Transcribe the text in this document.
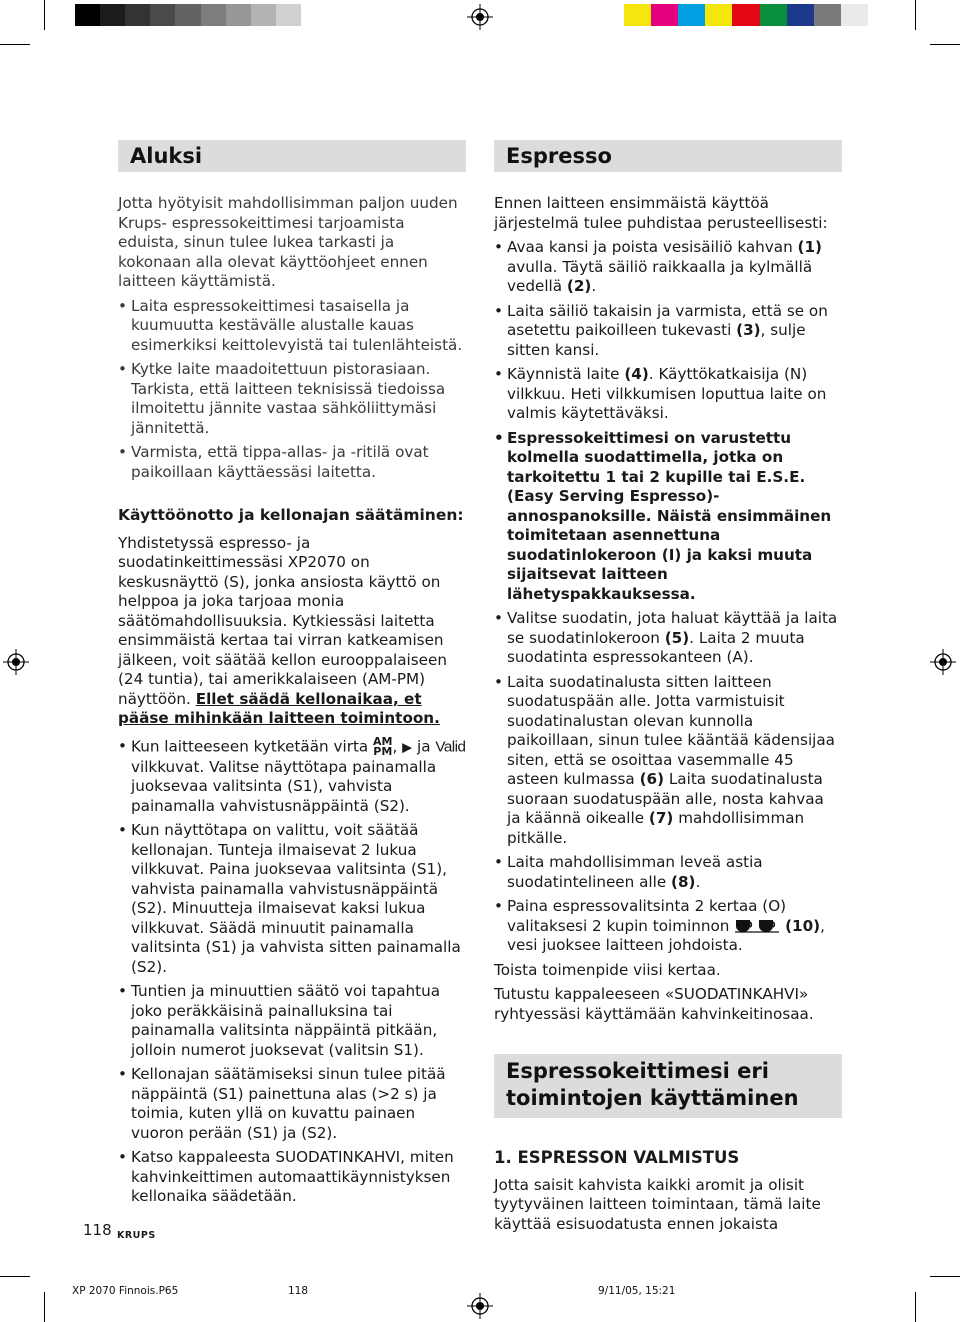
Aluksi

Jotta hyötyisit mahdollisimman paljon uuden Krups- espressokeittimesi tarjoamista eduista, sinun tulee lukea tarkasti ja kokonaan alla olevat käyttöohjeet ennen laitteen käyttämistä.

• Laita espressokeittimesi tasaisella ja kuumuutta kestävälle alustalle kauas esimerkiksi keittolevyistä tai tulenlähteistä.
• Kytke laite maadoitettuun pistorasiaan. Tarkista, että laitteen teknisissä tiedoissa ilmoitettu jännite vastaa sähköliittymäsi jännitettä.
• Varmista, että tippa-allas- ja -ritilä ovat paikoillaan käyttäessäsi laitetta.
Käyttöönotto ja kellonajan säätäminen:

Yhdistetyssä espresso- ja suodatinkeittimessäsi XP2070 on keskusnäyttö (S), jonka ansiosta käyttö on helppoa ja joka tarjoaa monia säätömahdollisuuksia. Kytkiessäsi laitetta ensimmäistä kertaa tai virran katkeamisen jälkeen, voit säätää kellon eurooppalaiseen (24 tuntia), tai amerikkalaiseen (AM-PM) näyttöön. Ellet säädä kellonaikaa, et pääse mihinkään laitteen toimintoon.

• Kun laitteeseen kytketään virta AM
PM, ▶ ja Valid vilkkuvat. Valitse näyttötapa painamalla juoksevaa valitsinta (S1), vahvista painamalla vahvistusnäppäintä (S2).
• Kun näyttötapa on valittu, voit säätää kellonajan. Tunteja ilmaisevat 2 lukua vilkkuvat. Paina juoksevaa valitsinta (S1), vahvista painamalla vahvistusnäppäintä (S2). Minuutteja ilmaisevat kaksi lukua vilkkuvat. Säädä minuutit painamalla valitsinta (S1) ja vahvista sitten painamalla (S2).
• Tuntien ja minuuttien säätö voi tapahtua joko peräkkäisinä painalluksina tai painamalla valitsinta näppäintä pitkään, jolloin numerot juoksevat (valitsin S1).
• Kellonajan säätämiseksi sinun tulee pitää näppäintä (S1) painettuna alas (>2 s) ja toimia, kuten yllä on kuvattu painaen vuoron perään (S1) ja (S2).
• Katso kappaleesta SUODATINKAHVI, miten kahvinkeittimen automaattikäynnistyksen kellonaika säädetään.
Espresso

Ennen laitteen ensimmäistä käyttöä järjestelmä tulee puhdistaa perusteellisesti:

• Avaa kansi ja poista vesisäiliö kahvan (1) avulla. Täytä säiliö raikkaalla ja kylmällä vedellä (2).
• Laita säiliö takaisin ja varmista, että se on asetettu paikoilleen tukevasti (3), sulje sitten kansi.
• Käynnistä laite (4). Käyttökatkaisija (N) vilkkuu. Heti vilkkumisen loputtua laite on valmis käytettäväksi.
• Espressokeittimesi on varustettu kolmella suodattimella, jotka on tarkoitettu 1 tai 2 kupille tai E.S.E. (Easy Serving Espresso)-annospanoksille. Näistä ensimmäinen toimitetaan asennettuna suodatinlokeroon (I) ja kaksi muuta sijaitsevat laitteen lähetyspakkauksessa.
• Valitse suodatin, jota haluat käyttää ja laita se suodatinlokeroon (5). Laita 2 muuta suodatinta espressokanteen (A).
• Laita suodatinalusta sitten laitteen suodatuspään alle. Jotta varmistuisit suodatinalustan olevan kunnolla paikoillaan, sinun tulee kääntää kädensijaa siten, että se osoittaa vasemmalle 45 asteen kulmassa (6) Laita suodatinalusta suoraan suodatuspään alle, nosta kahvaa ja käännä oikealle (7) mahdollisimman pitkälle.
• Laita mahdollisimman leveä astia suodatintelineen alle (8).
• Paina espressovalitsinta 2 kertaa (O) valitaksesi 2 kupin toiminnon	(10), vesi juoksee laitteen johdoista.

Toista toimenpide viisi kertaa.

Tutustu kappaleeseen «SUODATINKAHVI» ryhtyessäsi käyttämään kahvinkeitinosaa.

Espressokeittimesi eri
toimintojen käyttäminen
1. ESPRESSON VALMISTUS

Jotta saisit kahvista kaikki aromit ja olisit tyytyväinen laitteen toimintaan, tämä laite käyttää esisuodatusta ennen jokaista

118 KRUPS
XP 2070 Finnois.P65	118	9/11/05, 15:21
